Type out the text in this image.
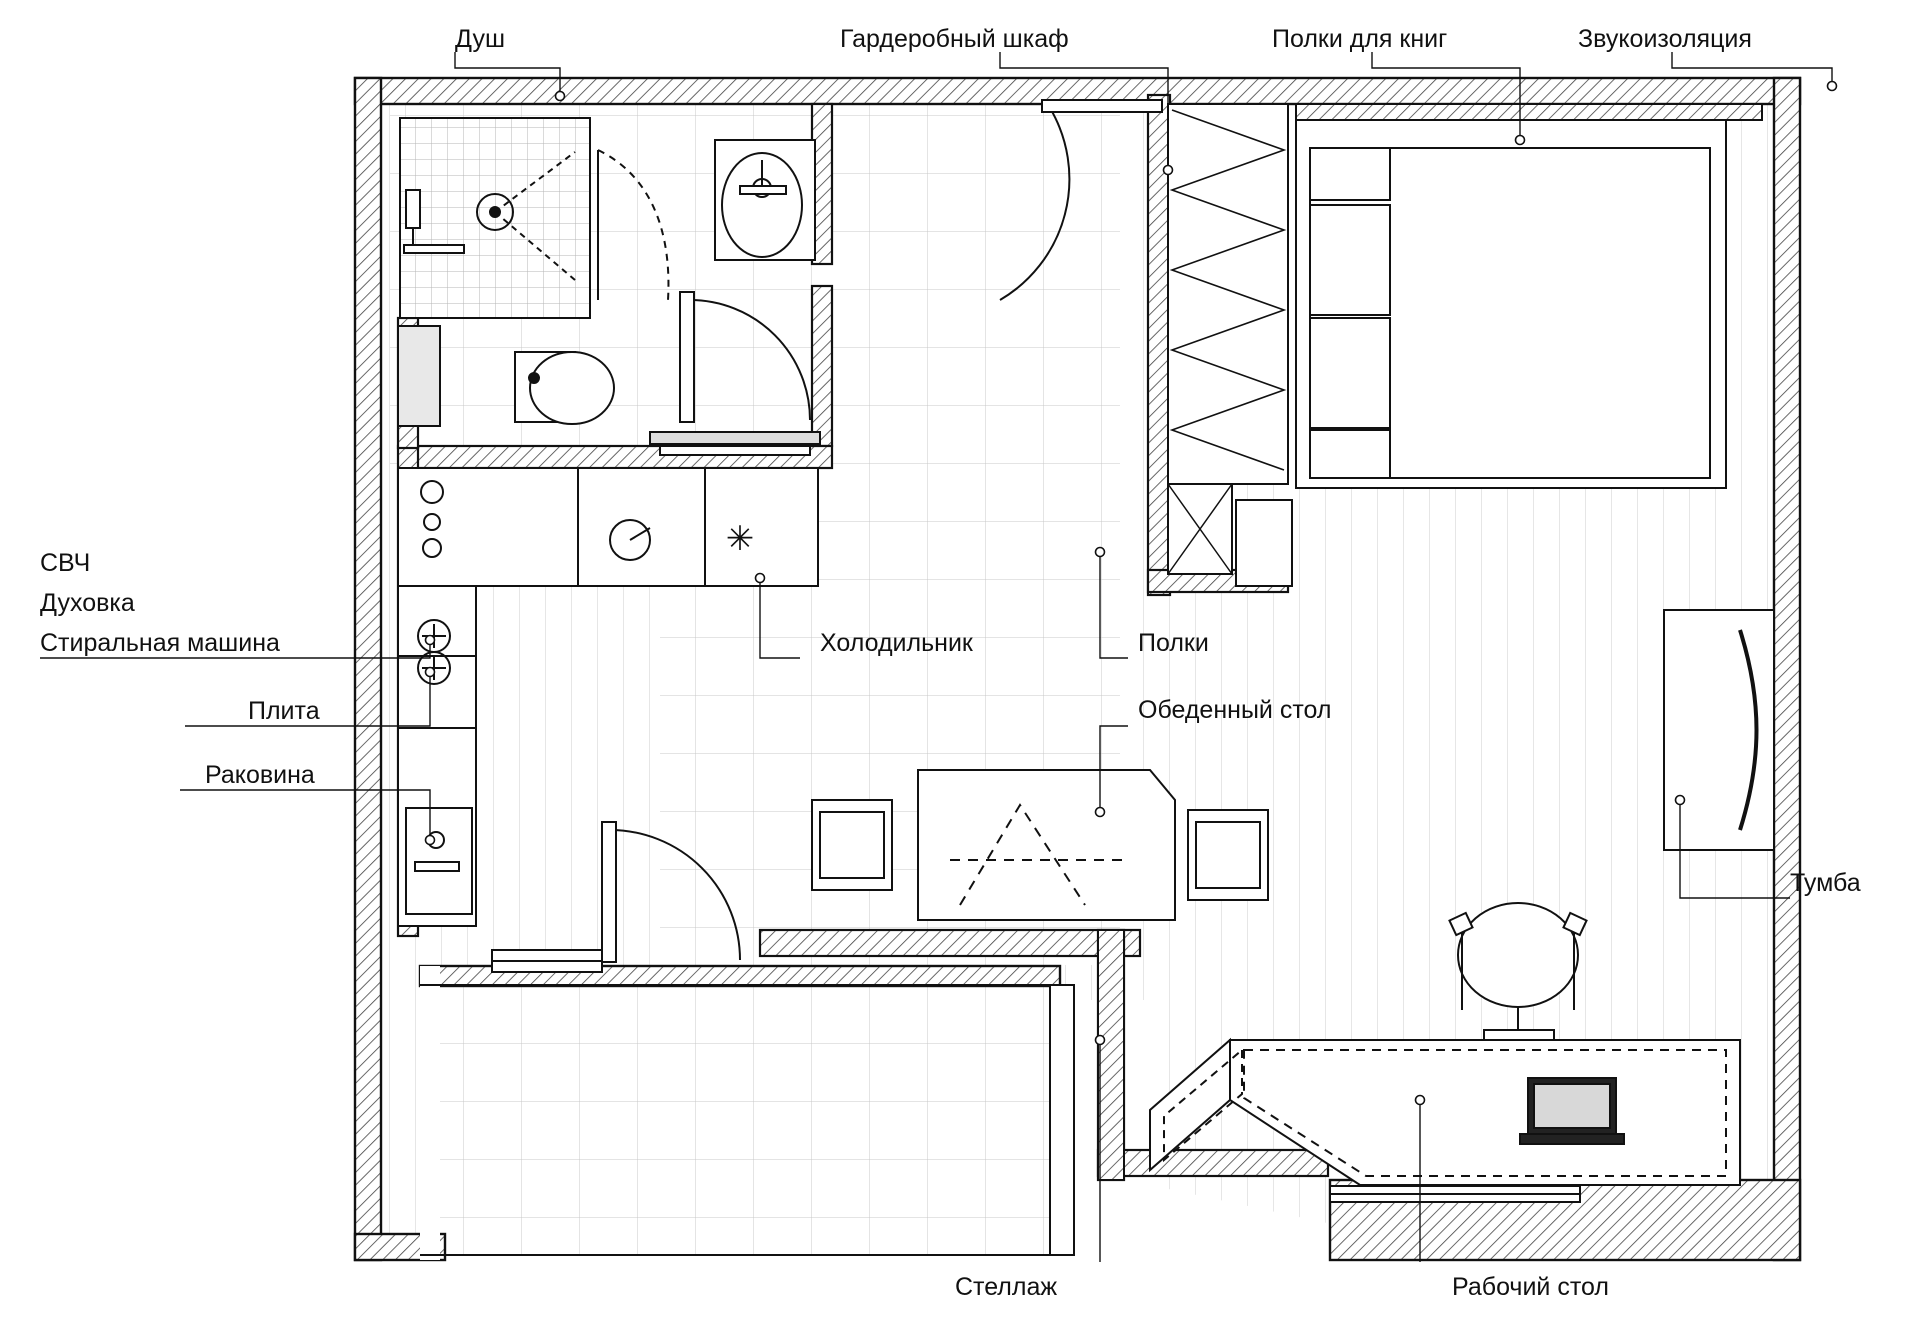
✳
Душ	Гардеробный шкаф	Полки для книг	Звукоизоляция
СВЧ
Духовка
Стиральная машина
Плита
Холодильник	Полки
Обеденный стол
Раковина
Тумба
Стеллаж	Рабочий стол
